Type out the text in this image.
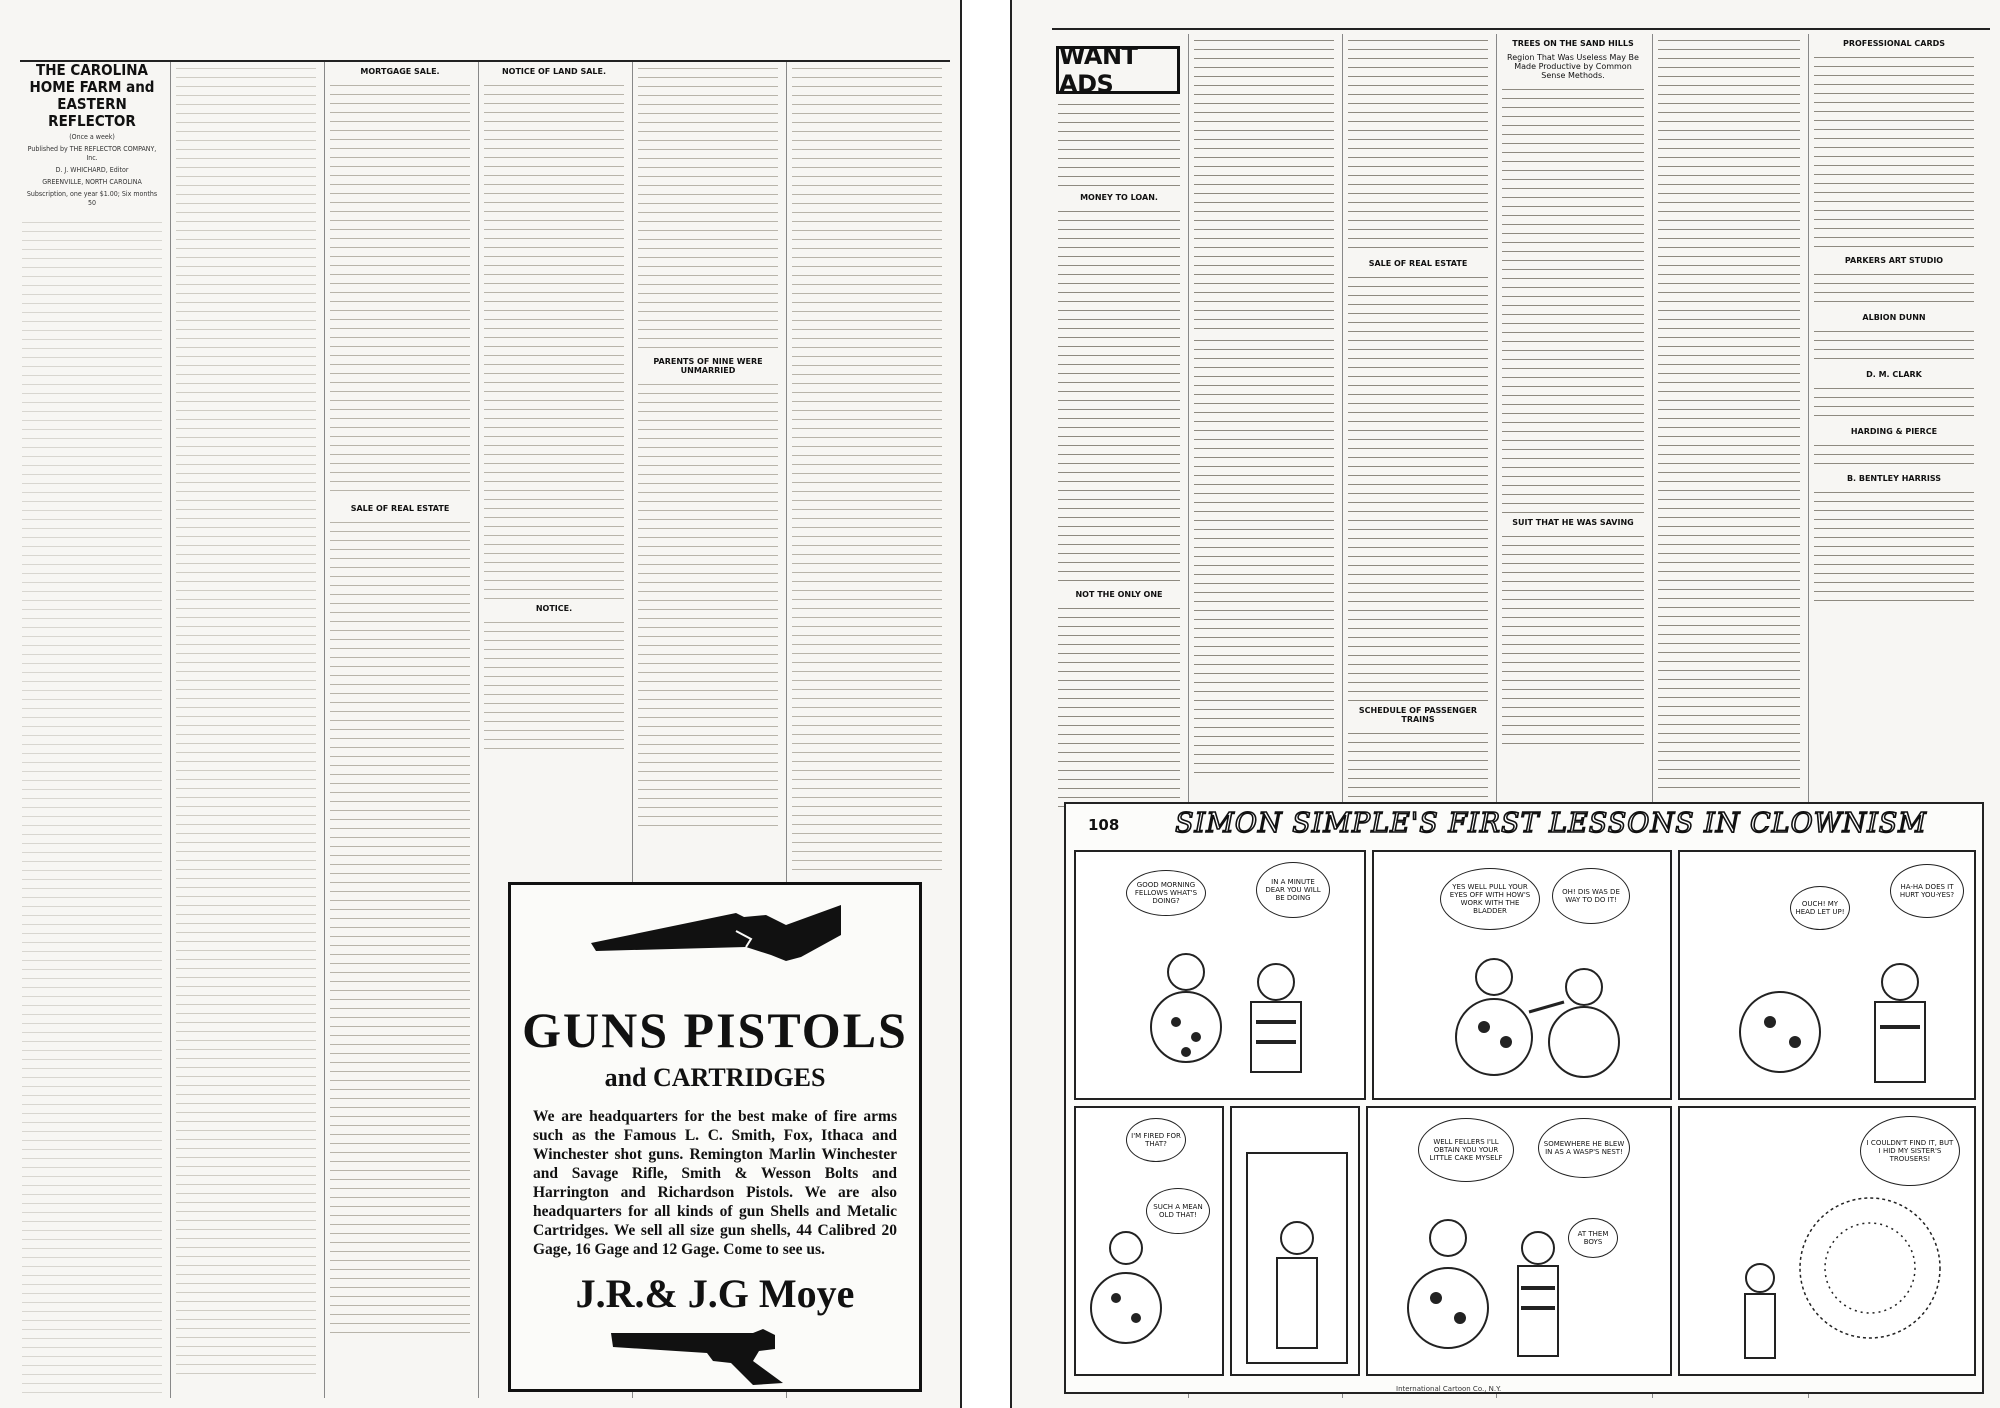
THE CAROLINA HOME FARM and EASTERN REFLECTOR
(Once a week)
Published by THE REFLECTOR COMPANY, Inc.
D. J. WHICHARD, Editor
GREENVILLE, NORTH CAROLINA
Subscription, one year $1.00; Six months 50
MORTGAGE SALE.
SALE OF REAL ESTATE
NOTICE OF LAND SALE.
NOTICE.
PARENTS OF NINE WERE UNMARRIED
GUNS PISTOLS
and CARTRIDGES
We are headquarters for the best make of fire arms such as the Famous L. C. Smith, Fox, Ithaca and Winchester shot guns. Remington Marlin Winchester and Savage Rifle, Smith & Wesson Bolts and Harrington and Richardson Pistols. We are also headquarters for all kinds of gun Shells and Metalic Cartridges. We sell all size gun shells, 44 Calibred 20 Gage, 16 Gage and 12 Gage. Come to see us.
J.R.& J.G Moye
MONEY TO LOAN.
NOT THE ONLY ONE
WANT ADS
SALE OF REAL ESTATE
SCHEDULE OF PASSENGER TRAINS
TREES ON THE SAND HILLS
Region That Was Useless May Be Made Productive by Common Sense Methods.
SUIT THAT HE WAS SAVING
PROFESSIONAL CARDS
PARKERS ART STUDIO
ALBION DUNN
D. M. CLARK
HARDING & PIERCE
B. BENTLEY HARRISS
108	SIMON SIMPLE'S FIRST LESSONS IN CLOWNISM
GOOD MORNING FELLOWS WHAT'S DOING?
IN A MINUTE DEAR YOU WILL BE DOING
YES WELL PULL YOUR EYES OFF WITH HOW'S WORK WITH THE BLADDER
OH! DIS WAS DE WAY TO DO IT!	OUCH! MY HEAD LET UP!
HA-HA DOES IT HURT YOU-YES?
I'M FIRED FOR THAT?
SUCH A MEAN OLD THAT!
WELL FELLERS I'LL OBTAIN YOU YOUR LITTLE CAKE MYSELF
SOMEWHERE HE BLEW IN AS A WASP'S NEST!
AT THEM BOYS
I COULDN'T FIND IT, BUT I HID MY SISTER'S TROUSERS!
International Cartoon Co., N.Y.
